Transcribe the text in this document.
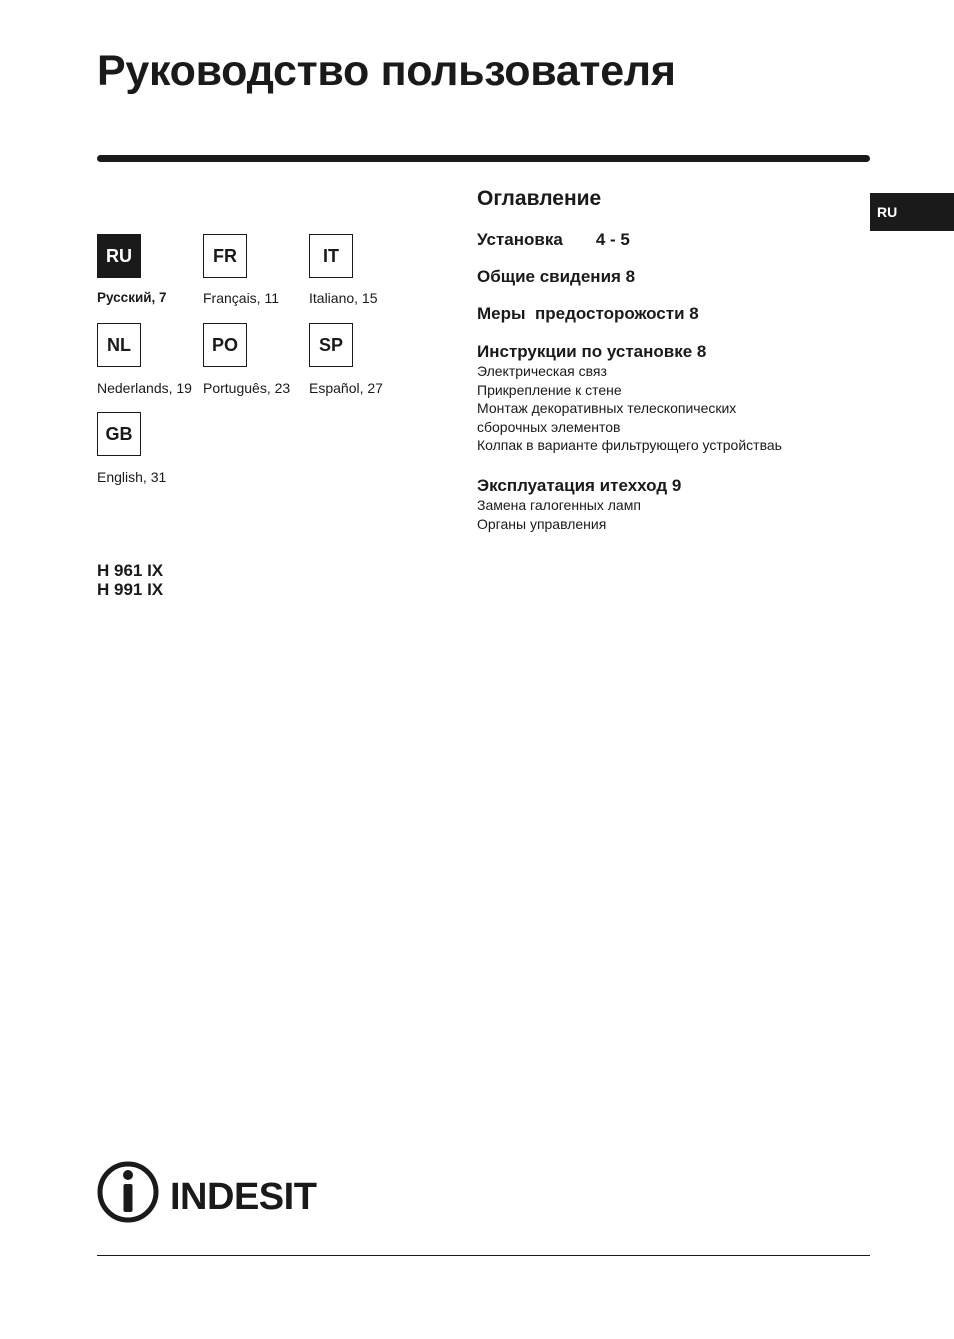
Руководство пользователя
RU
RU	FR	IT
Русский, 7	Français, 11 Italiano, 15
NL	PO	SP
Nederlands, 19 Português, 23 Español, 27
GB
English, 31
H 961 IX
H 991 IX
Оглавление
Установка       4 - 5
Общие свидения 8
Меры  предосторожости 8
Инструкции по установке 8
Электрическая связ
Прикрепление к стене
Монтаж декоративных телескопических
сборочных элементов
Колпак в варианте фильтрующего устройстваь
Эксплуатация итехход 9
Замена галогенных ламп
Органы управления
INDESIT
